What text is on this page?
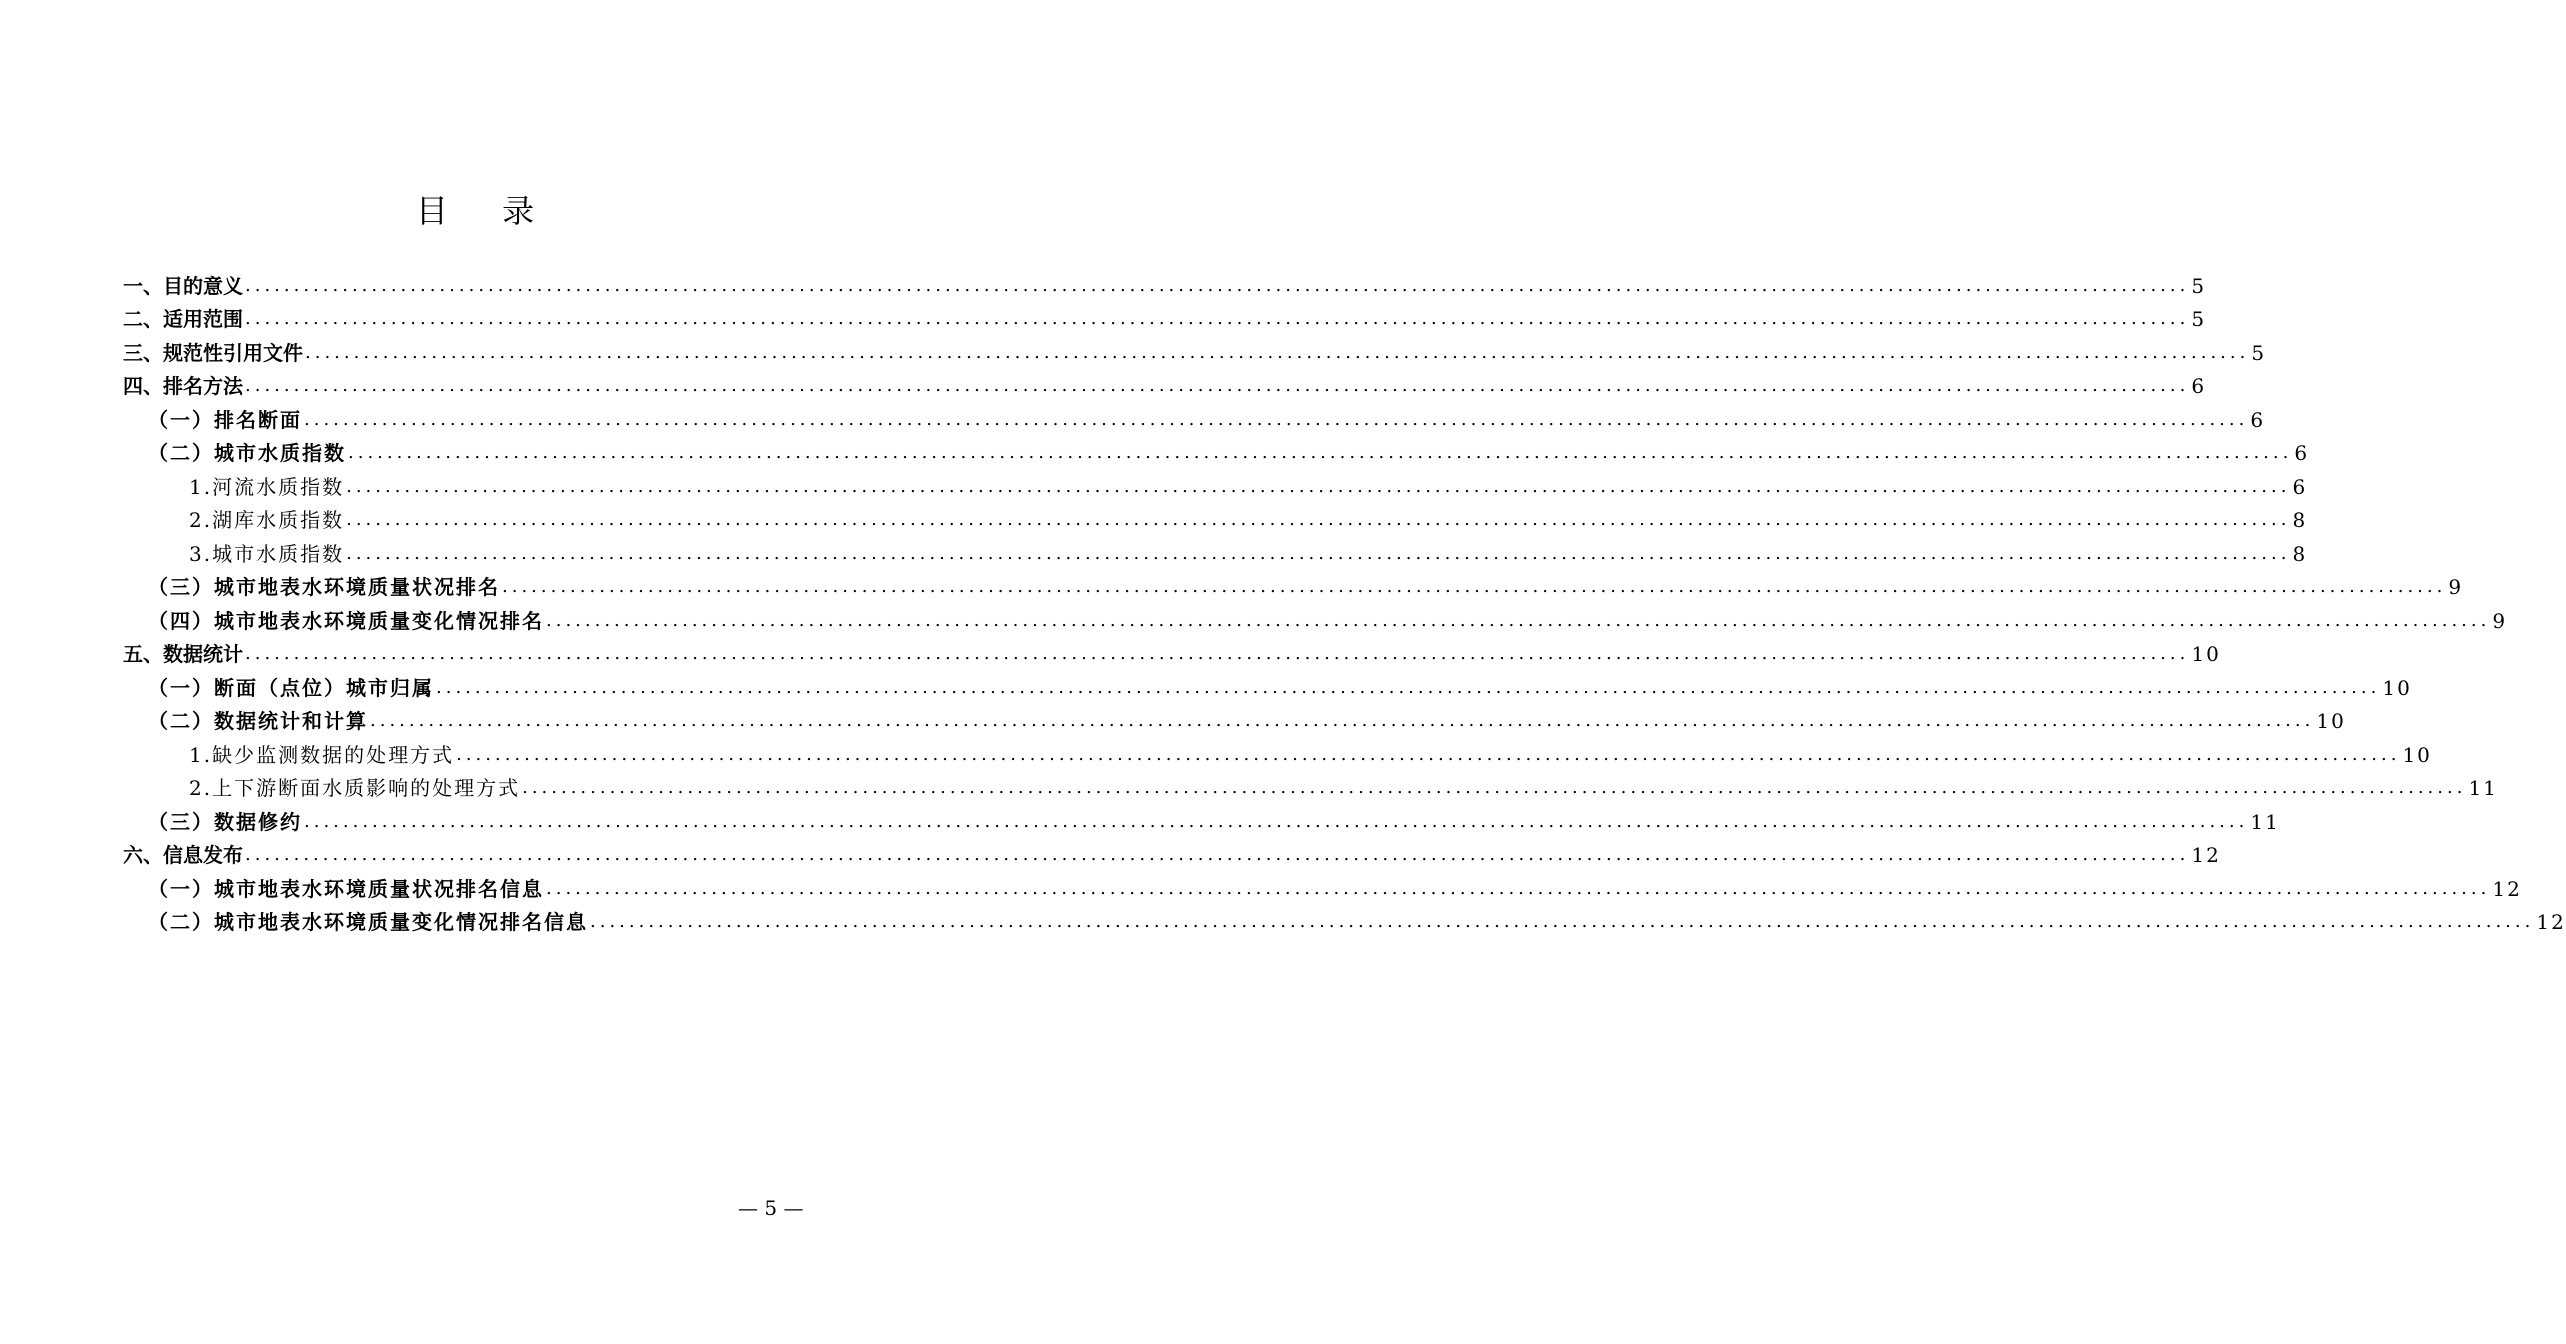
目 录
一、目的意义 ........................................................................................................................................................................................................ 5
二、适用范围 ........................................................................................................................................................................................................ 5
三、规范性引用文件 ........................................................................................................................................................................................................ 5
四、排名方法 ........................................................................................................................................................................................................ 6
（一）排名断面 ........................................................................................................................................................................................................ 6
（二）城市水质指数 ........................................................................................................................................................................................................ 6
1.河流水质指数 ........................................................................................................................................................................................................ 6
2.湖库水质指数 ........................................................................................................................................................................................................ 8
3.城市水质指数 ........................................................................................................................................................................................................ 8
（三）城市地表水环境质量状况排名 ........................................................................................................................................................................................................ 9
（四）城市地表水环境质量变化情况排名 ........................................................................................................................................................................................................ 9
五、数据统计 ........................................................................................................................................................................................................ 10
（一）断面（点位）城市归属 ........................................................................................................................................................................................................ 10
（二）数据统计和计算 ........................................................................................................................................................................................................ 10
1.缺少监测数据的处理方式 ........................................................................................................................................................................................................ 10
2.上下游断面水质影响的处理方式 ........................................................................................................................................................................................................ 11
（三）数据修约 ........................................................................................................................................................................................................ 11
六、信息发布 ........................................................................................................................................................................................................ 12
（一）城市地表水环境质量状况排名信息 ........................................................................................................................................................................................................ 12
（二）城市地表水环境质量变化情况排名信息 ........................................................................................................................................................................................................ 12
— 5 —
